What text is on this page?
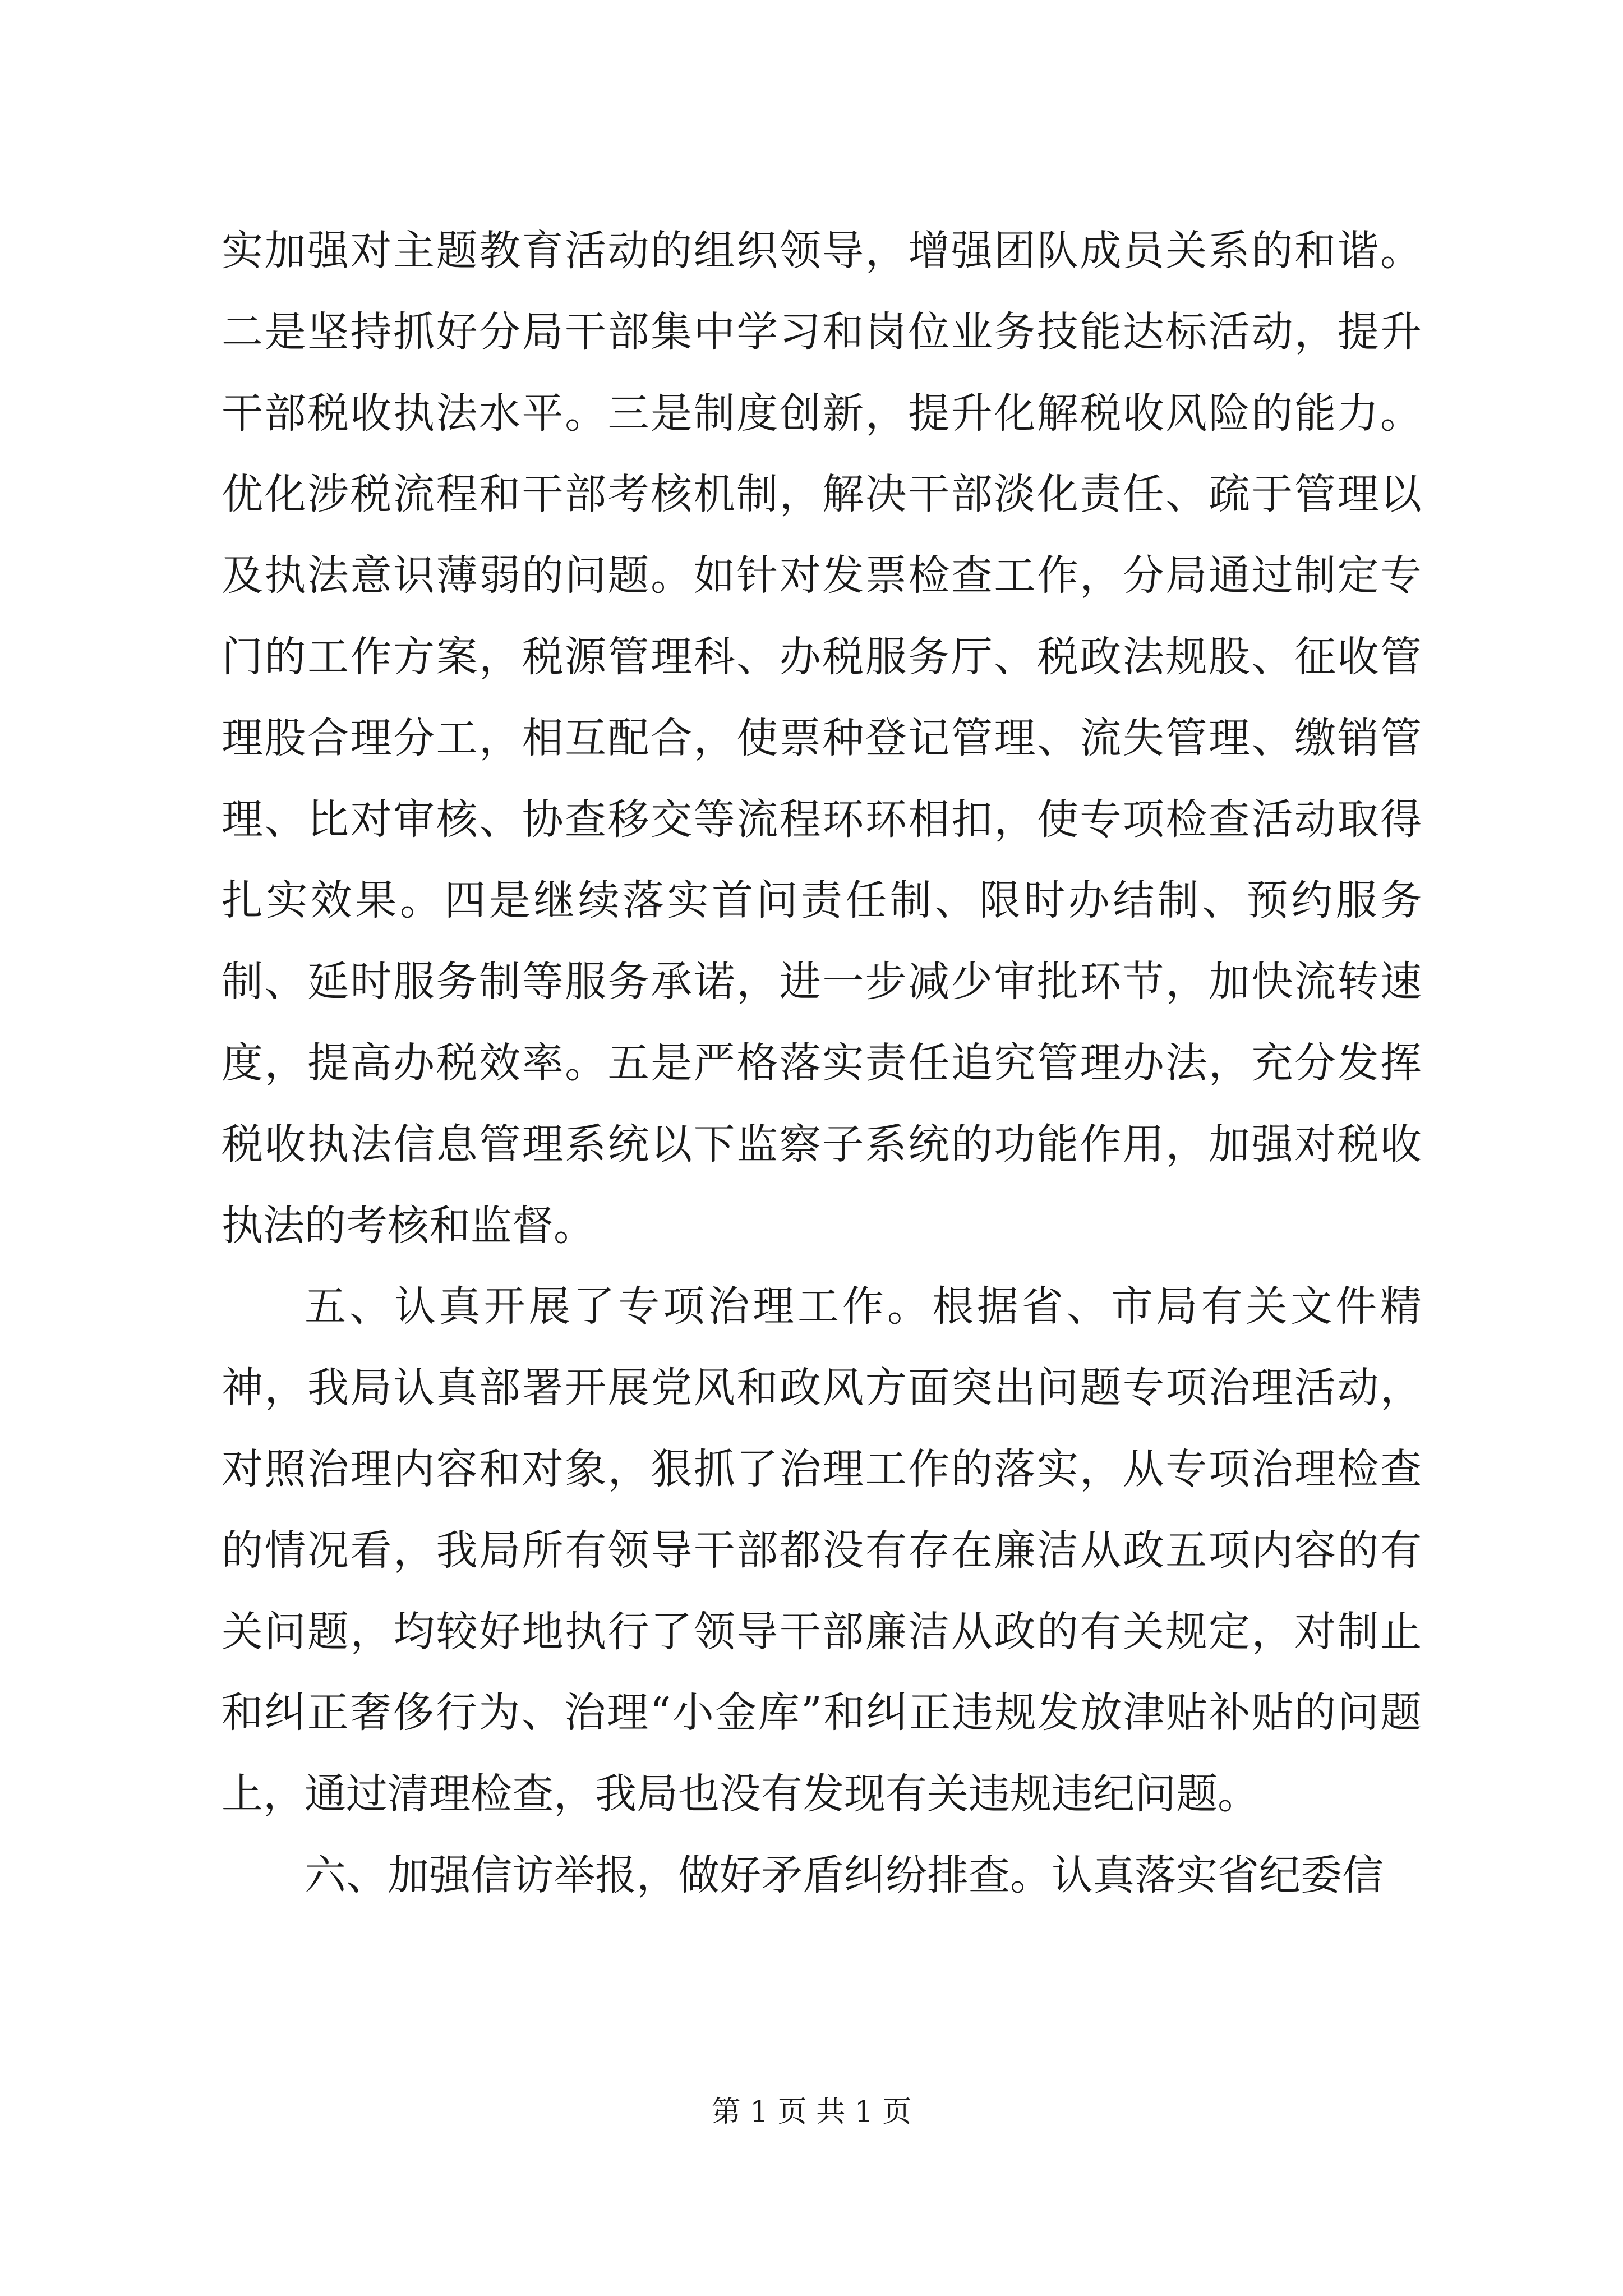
实加强对主题教育活动的组织领导，增强团队成员关系的和谐。二是坚持抓好分局干部集中学习和岗位业务技能达标活动，提升干部税收执法水平。三是制度创新，提升化解税收风险的能力。优化涉税流程和干部考核机制，解决干部淡化责任、疏于管理以及执法意识薄弱的问题。如针对发票检查工作，分局通过制定专门的工作方案，税源管理科、办税服务厅、税政法规股、征收管理股合理分工，相互配合，使票种登记管理、流失管理、缴销管理、比对审核、协查移交等流程环环相扣，使专项检查活动取得扎实效果。四是继续落实首问责任制、限时办结制、预约服务制、延时服务制等服务承诺，进一步减少审批环节，加快流转速度，提高办税效率。五是严格落实责任追究管理办法，充分发挥税收执法信息管理系统以下监察子系统的功能作用，加强对税收执法的考核和监督。

五、认真开展了专项治理工作。根据省、市局有关文件精神，我局认真部署开展党风和政风方面突出问题专项治理活动，对照治理内容和对象，狠抓了治理工作的落实，从专项治理检查的情况看，我局所有领导干部都没有存在廉洁从政五项内容的有关问题，均较好地执行了领导干部廉洁从政的有关规定，对制止和纠正奢侈行为、治理“小金库”和纠正违规发放津贴补贴的问题上，通过清理检查，我局也没有发现有关违规违纪问题。

六、加强信访举报，做好矛盾纠纷排查。认真落实省纪委信

第 1 页 共 1 页
